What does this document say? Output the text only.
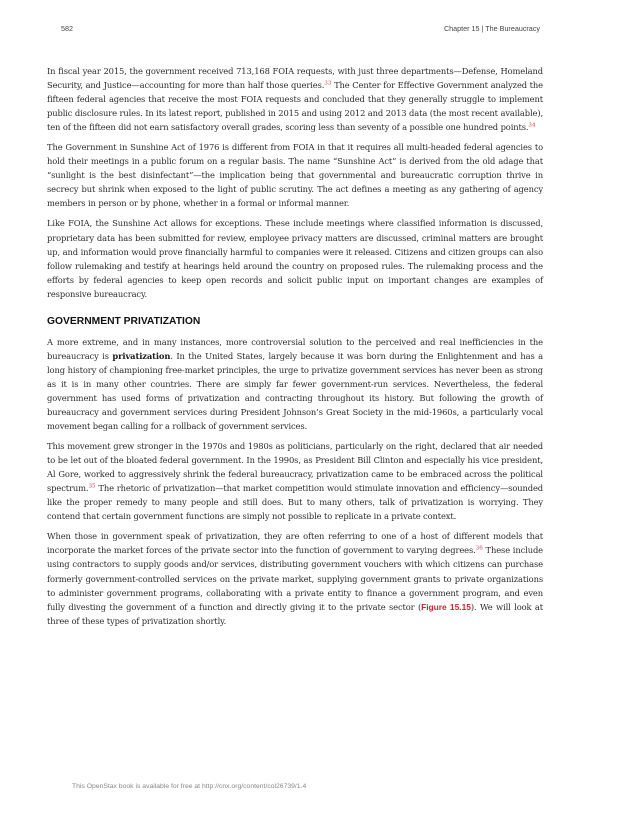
582	Chapter 15 | The Bureaucracy

In fiscal year 2015, the government received 713,168 FOIA requests, with just three departments—Defense, Homeland Security, and Justice—accounting for more than half those queries.$^{33}$ The Center for Effective Government analyzed the fifteen federal agencies that receive the most FOIA requests and concluded that they generally struggle to implement public disclosure rules. In its latest report, published in 2015 and using 2012 and 2013 data (the most recent available), ten of the fifteen did not earn satisfactory overall grades, scoring less than seventy of a possible one hundred points.$^{34}$

The Government in Sunshine Act of 1976 is different from FOIA in that it requires all multi-headed federal agencies to hold their meetings in a public forum on a regular basis. The name “Sunshine Act” is derived from the old adage that “sunlight is the best disinfectant”—the implication being that governmental and bureaucratic corruption thrive in secrecy but shrink when exposed to the light of public scrutiny. The act defines a meeting as any gathering of agency members in person or by phone, whether in a formal or informal manner.

Like FOIA, the Sunshine Act allows for exceptions. These include meetings where classified information is discussed, proprietary data has been submitted for review, employee privacy matters are discussed, criminal matters are brought up, and information would prove financially harmful to companies were it released. Citizens and citizen groups can also follow rulemaking and testify at hearings held around the country on proposed rules. The rulemaking process and the efforts by federal agencies to keep open records and solicit public input on important changes are examples of responsive bureaucracy.

GOVERNMENT PRIVATIZATION

A more extreme, and in many instances, more controversial solution to the perceived and real inefficiencies in the bureaucracy is privatization. In the United States, largely because it was born during the Enlightenment and has a long history of championing free-market principles, the urge to privatize government services has never been as strong as it is in many other countries. There are simply far fewer government-run services. Nevertheless, the federal government has used forms of privatization and contracting throughout its history. But following the growth of bureaucracy and government services during President Johnson’s Great Society in the mid-1960s, a particularly vocal movement began calling for a rollback of government services.

This movement grew stronger in the 1970s and 1980s as politicians, particularly on the right, declared that air needed to be let out of the bloated federal government. In the 1990s, as President Bill Clinton and especially his vice president, Al Gore, worked to aggressively shrink the federal bureaucracy, privatization came to be embraced across the political spectrum.$^{35}$ The rhetoric of privatization—that market competition would stimulate innovation and efficiency—sounded like the proper remedy to many people and still does. But to many others, talk of privatization is worrying. They contend that certain government functions are simply not possible to replicate in a private context.

When those in government speak of privatization, they are often referring to one of a host of different models that incorporate the market forces of the private sector into the function of government to varying degrees.$^{36}$ These include using contractors to supply goods and/or services, distributing government vouchers with which citizens can purchase formerly government-controlled services on the private market, supplying government grants to private organizations to administer government programs, collaborating with a private entity to finance a government program, and even fully divesting the government of a function and directly giving it to the private sector (Figure 15.15). We will look at three of these types of privatization shortly.

This OpenStax book is available for free at http://cnx.org/content/col26739/1.4
